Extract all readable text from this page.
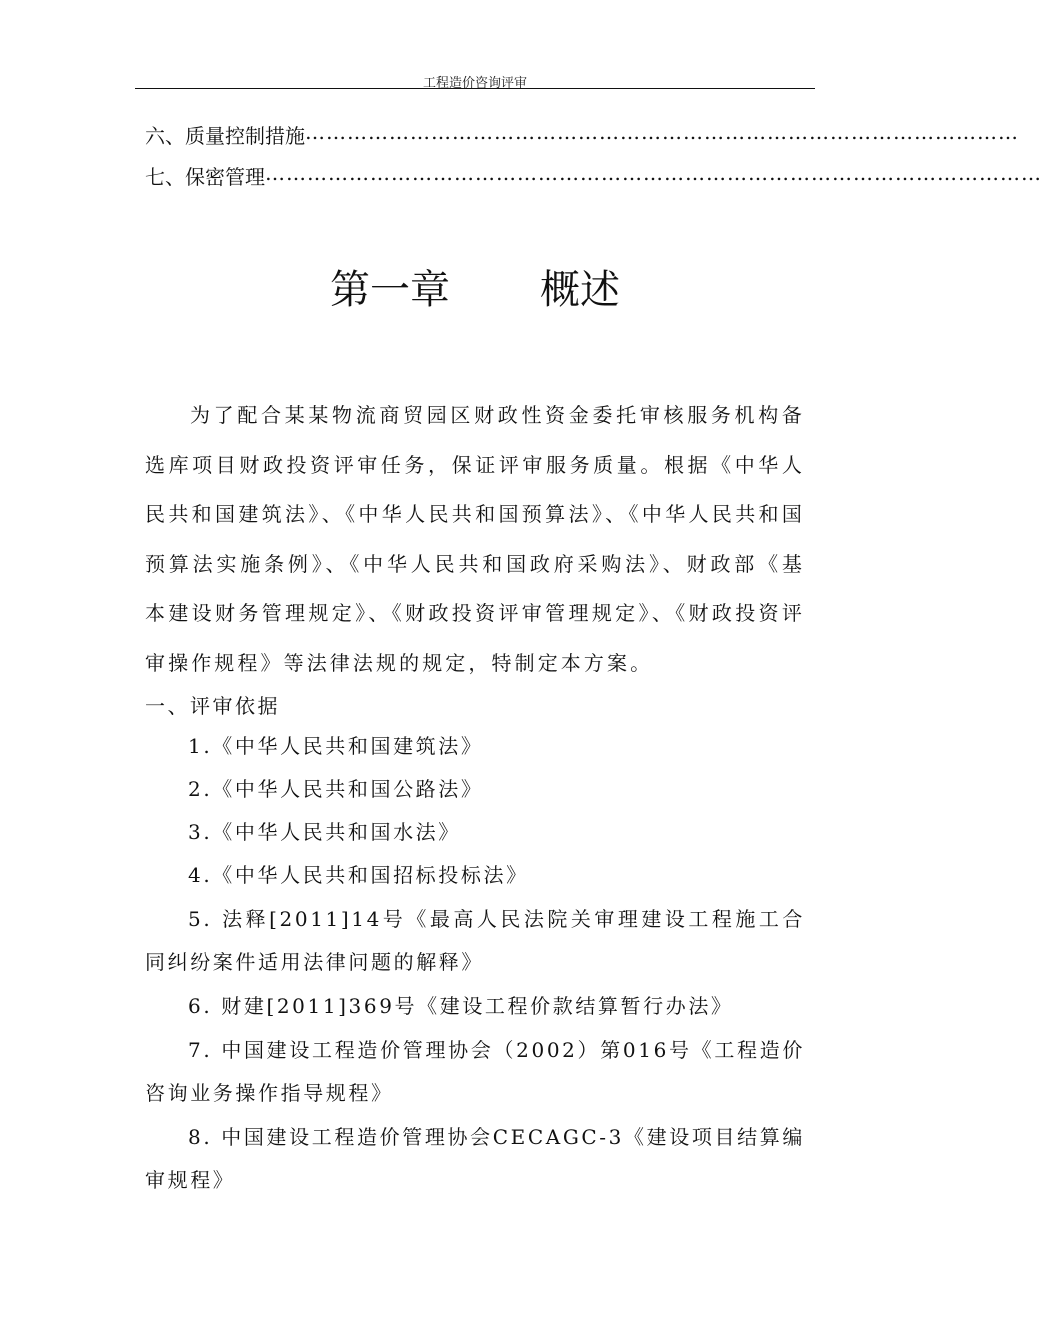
工程造价咨询评审
六、质量控制措施 …………………………………………………………………………………………
七、保密管理 …………………………………………………………………………………………………
第一章 概述

为了配合某某物流商贸园区财政性资金委托审核服务机构备选库项目财政投资评审任务，保证评审服务质量。根据《中华人民共和国建筑法》、《中华人民共和国预算法》、《中华人民共和国预算法实施条例》、《中华人民共和国政府采购法》、财政部《基本建设财务管理规定》、《财政投资评审管理规定》、《财政投资评审操作规程》等法律法规的规定，特制定本方案。

一、评审依据

1.《中华人民共和国建筑法》

2.《中华人民共和国公路法》

3.《中华人民共和国水法》

4.《中华人民共和国招标投标法》

5. 法释[2011]14号《最高人民法院关审理建设工程施工合同纠纷案件适用法律问题的解释》

6. 财建[2011]369号《建设工程价款结算暂行办法》

7. 中国建设工程造价管理协会（2002）第016号《工程造价咨询业务操作指导规程》

8. 中国建设工程造价管理协会CECAGC-3《建设项目结算编审规程》
